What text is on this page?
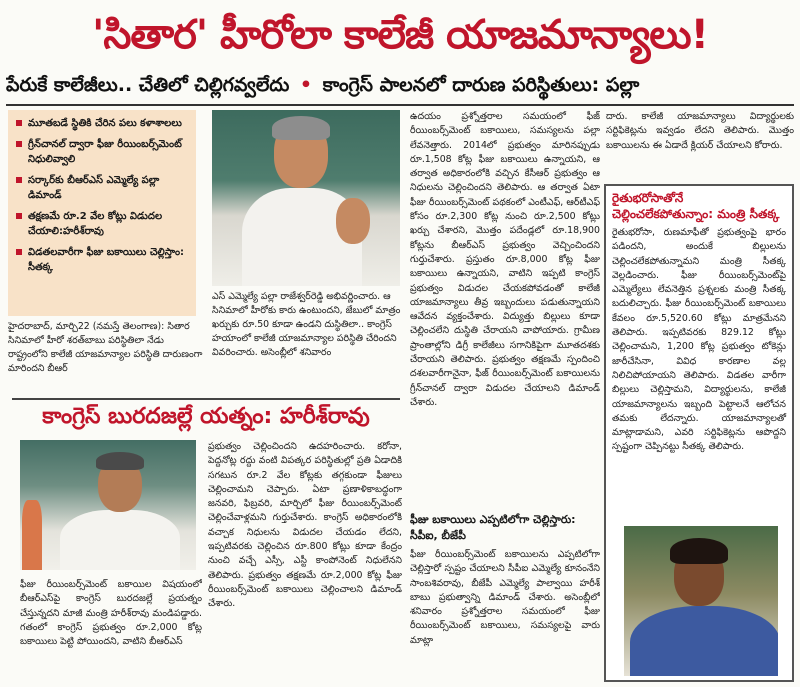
'సితార' హీరోలా కాలేజీ యాజమాన్యాలు!
పేరుకే కాలేజీలు.. చేతిలో చిల్లిగవ్వలేదు • కాంగ్రెస్ పాలనలో దారుణ పరిస్థితులు: పల్లా
మూతబడే స్థితికి చేరిన పలు కళాశాలలు
గ్రీన్‌చానల్ ద్వారా ఫీజు రీయింబర్స్‌మెంట్ నిధులివ్వాలి
సర్కార్‌కు బీఆర్‌ఎస్ ఎమ్మెల్యే పల్లా డిమాండ్
తక్షణమే రూ.2 వేల కోట్లు విడుదల చేయాలి:హరీశ్‌రావు
విడతలవారీగా ఫీజు బకాయిలు చెల్లిస్తాం: సీతక్క
ఎస్ ఎమ్మెల్యే పల్లా రాజేశ్వర్‌రెడ్డి అభివర్ణించారు. ఆ సినిమాలో హీరోకు కారు ఉంటుందని, జేబులో మాత్రం ఖర్చుకు రూ.50 కూడా ఉండని దుస్థితిలా.. కాంగ్రెస్ హయాంలో కాలేజీ యాజమాన్యాల పరిస్థితి చేరిందని వివరించారు. అసెంబ్లీలో శనివారం
హైదరాబాద్, మార్చి22 (నమస్తే తెలంగాణ): సితార సినిమాలో హీరో శరత్‌బాబు పరిస్థితిలా నేడు రాష్ట్రంలోని కాలేజీ యాజమాన్యాల పరిస్థితి దారుణంగా మారిందని బీఆర్
ఉదయం ప్రశ్నోత్తరాల సమయంలో ఫీజ్ రీయింబర్స్‌మెంట్ బకాయిలు, సమస్యలను పల్లా లేవనెత్తారు. 2014లో ప్రభుత్వం మారినప్పుడు రూ.1,508 కోట్ల ఫీజు బకాయిలు ఉన్నాయని, ఆ తర్వాత అధికారంలోకి వచ్చిన కేసీఆర్ ప్రభుత్వం ఆ నిధులను చెల్లించిందని తెలిపారు. ఆ తర్వాత ఏటా ఫీజు రీయింబర్స్‌మెంట్ పథకంలో ఎంటీఎఫ్, ఆర్‌టీఎఫ్ కోసం రూ.2,300 కోట్ల నుంచి రూ.2,500 కోట్లు ఖర్చు చేశారని, మొత్తం పదేండ్లలో రూ.18,900 కోట్లను బీఆర్‌ఎస్ ప్రభుత్వం వెచ్చించిందని గుర్తుచేశారు. ప్రస్తుతం రూ.8,000 కోట్ల ఫీజు బకాయిలు ఉన్నాయని, వాటిని ఇప్పటి కాంగ్రెస్ ప్రభుత్వం విడుదల చేయకపోవడంతో కాలేజీ యాజమాన్యాలు తీవ్ర ఇబ్బందులు పడుతున్నాయని ఆవేదన వ్యక్తంచేశారు. విద్యుత్తు బిల్లులు కూడా చెల్లించలేని దుస్థితి చేరాయని వాపోయారు. గ్రామీణ ప్రాంతాల్లోని డిగ్రీ కాలేజీలు సగానికిపైగా మూతదశకు చేరాయని తెలిపారు. ప్రభుత్వం తక్షణమే స్పందించి దశలవారీగానైనా, ఫీజ్ రీయింబర్స్‌మెంట్ బకాయిలను గ్రీన్‌చానల్ ద్వారా విడుదల చేయాలని డిమాండ్ చేశారు.
దారు. కాలేజీ యాజమాన్యాలు విద్యార్థులకు సర్టిఫికెట్లను ఇవ్వడం లేదని తెలిపారు. మొత్తం బకాయిలను ఈ ఏడాదే క్లియర్ చేయాలని కోరారు.
రైతుభరోసాతోనే చెల్లించలేకపోతున్నాం: మంత్రి సీతక్క
రైతుభరోసా, రుణమాఫీతో ప్రభుత్వంపై భారం పడిందని, అందుకే బిల్లులను చెల్లించలేకపోతున్నామని మంత్రి సీతక్క వెల్లడించారు. ఫీజు రీయింబర్స్‌మెంట్‌పై ఎమ్మెల్యేలు లేవనెత్తిన ప్రశ్నలకు మంత్రి సీతక్క బదులిచ్చారు. ఫీజు రీయింబర్స్‌మెంట్ బకాయిలు కేవలం రూ.5,520.60 కోట్లు మాత్రమేనని తెలిపారు. ఇప్పటివరకు 829.12 కోట్లు చెల్లించామని, 1,200 కోట్ల ప్రభుత్వం టోకెన్లు జారీచేసినా, వివిధ కారణాల వల్ల నిలిచిపోయాయని తెలిపారు. విడతల వారీగా బిల్లులు చెల్లిస్తామని, విద్యార్థులను, కాలేజీ యాజమాన్యాలను ఇబ్బంది పెట్టాలనే ఆలోచన తమకు లేదన్నారు. యాజమాన్యాలతో మాట్లాడామని, ఎవరి సర్టిఫికెట్లను ఆపొద్దని స్పష్టంగా చెప్పినట్టు సీతక్క తెలిపారు.
కాంగ్రెస్ బురదజల్లే యత్నం: హరీశ్‌రావు
ఫీజు రీయింబర్స్‌మెంట్ బకాయిల విషయంలో బీఆర్‌ఎస్‌పై కాంగ్రెస్ బురదజల్లే ప్రయత్నం చేస్తున్నదని మాజీ మంత్రి హరీశ్‌రావు మండిపడ్డారు. గతంలో కాంగ్రెస్ ప్రభుత్వం రూ.2,000 కోట్ల బకాయిలు పెట్టి పోయిందని, వాటిని బీఆర్‌ఎస్
ప్రభుత్వం చెల్లించిందని ఉదహరించారు. కరోనా, పెద్దనోట్ల రద్దు వంటి విపత్కర పరిస్థితుల్లో ప్రతి ఏడాదికి సగటున రూ.2 వేల కోట్లకు తగ్గకుండా ఫీజులు చెల్లించామని చెప్పారు. ఏటా ప్రణాళికాబద్ధంగా జనవరి, ఫిబ్రవరి, మార్చిలో ఫీజు రీయింబర్స్‌మెంట్ చెల్లించేవాళ్లమని గుర్తుచేశారు. కాంగ్రెస్ అధికారంలోకి వచ్చాక నిధులను విడుదల చేయడం లేదని, ఇప్పటివరకు చెల్లించిన రూ.800 కోట్లు కూడా కేంద్రం నుంచి వచ్చే ఎస్సీ, ఎస్టీ కాంపోనెంట్ నిధులేనని తెలిపారు. ప్రభుత్వం తక్షణమే రూ.2,000 కోట్ల ఫీజు రీయింబర్స్‌మెంట్ బకాయిలు చెల్లించాలని డిమాండ్ చేశారు.
ఫీజు బకాయిలు ఎప్పటిలోగా చెల్లిస్తారు: సీపీఐ, బీజేపీ
ఫీజు రీయింబర్స్‌మెంట్ బకాయిలను ఎప్పటిలోగా చెల్లిస్తారో స్పష్టం చేయాలని సీపీఐ ఎమ్మెల్యే కూనంనేని సాంబశివరావు, బీజేపీ ఎమ్మెల్యే పాల్వాయి హరీశ్ బాబు ప్రభుత్వాన్ని డిమాండ్ చేశారు. అసెంబ్లీలో శనివారం ప్రశ్నోత్తరాల సమయంలో ఫీజు రీయింబర్స్‌మెంట్ బకాయిలు, సమస్యలపై వారు మాట్లా
